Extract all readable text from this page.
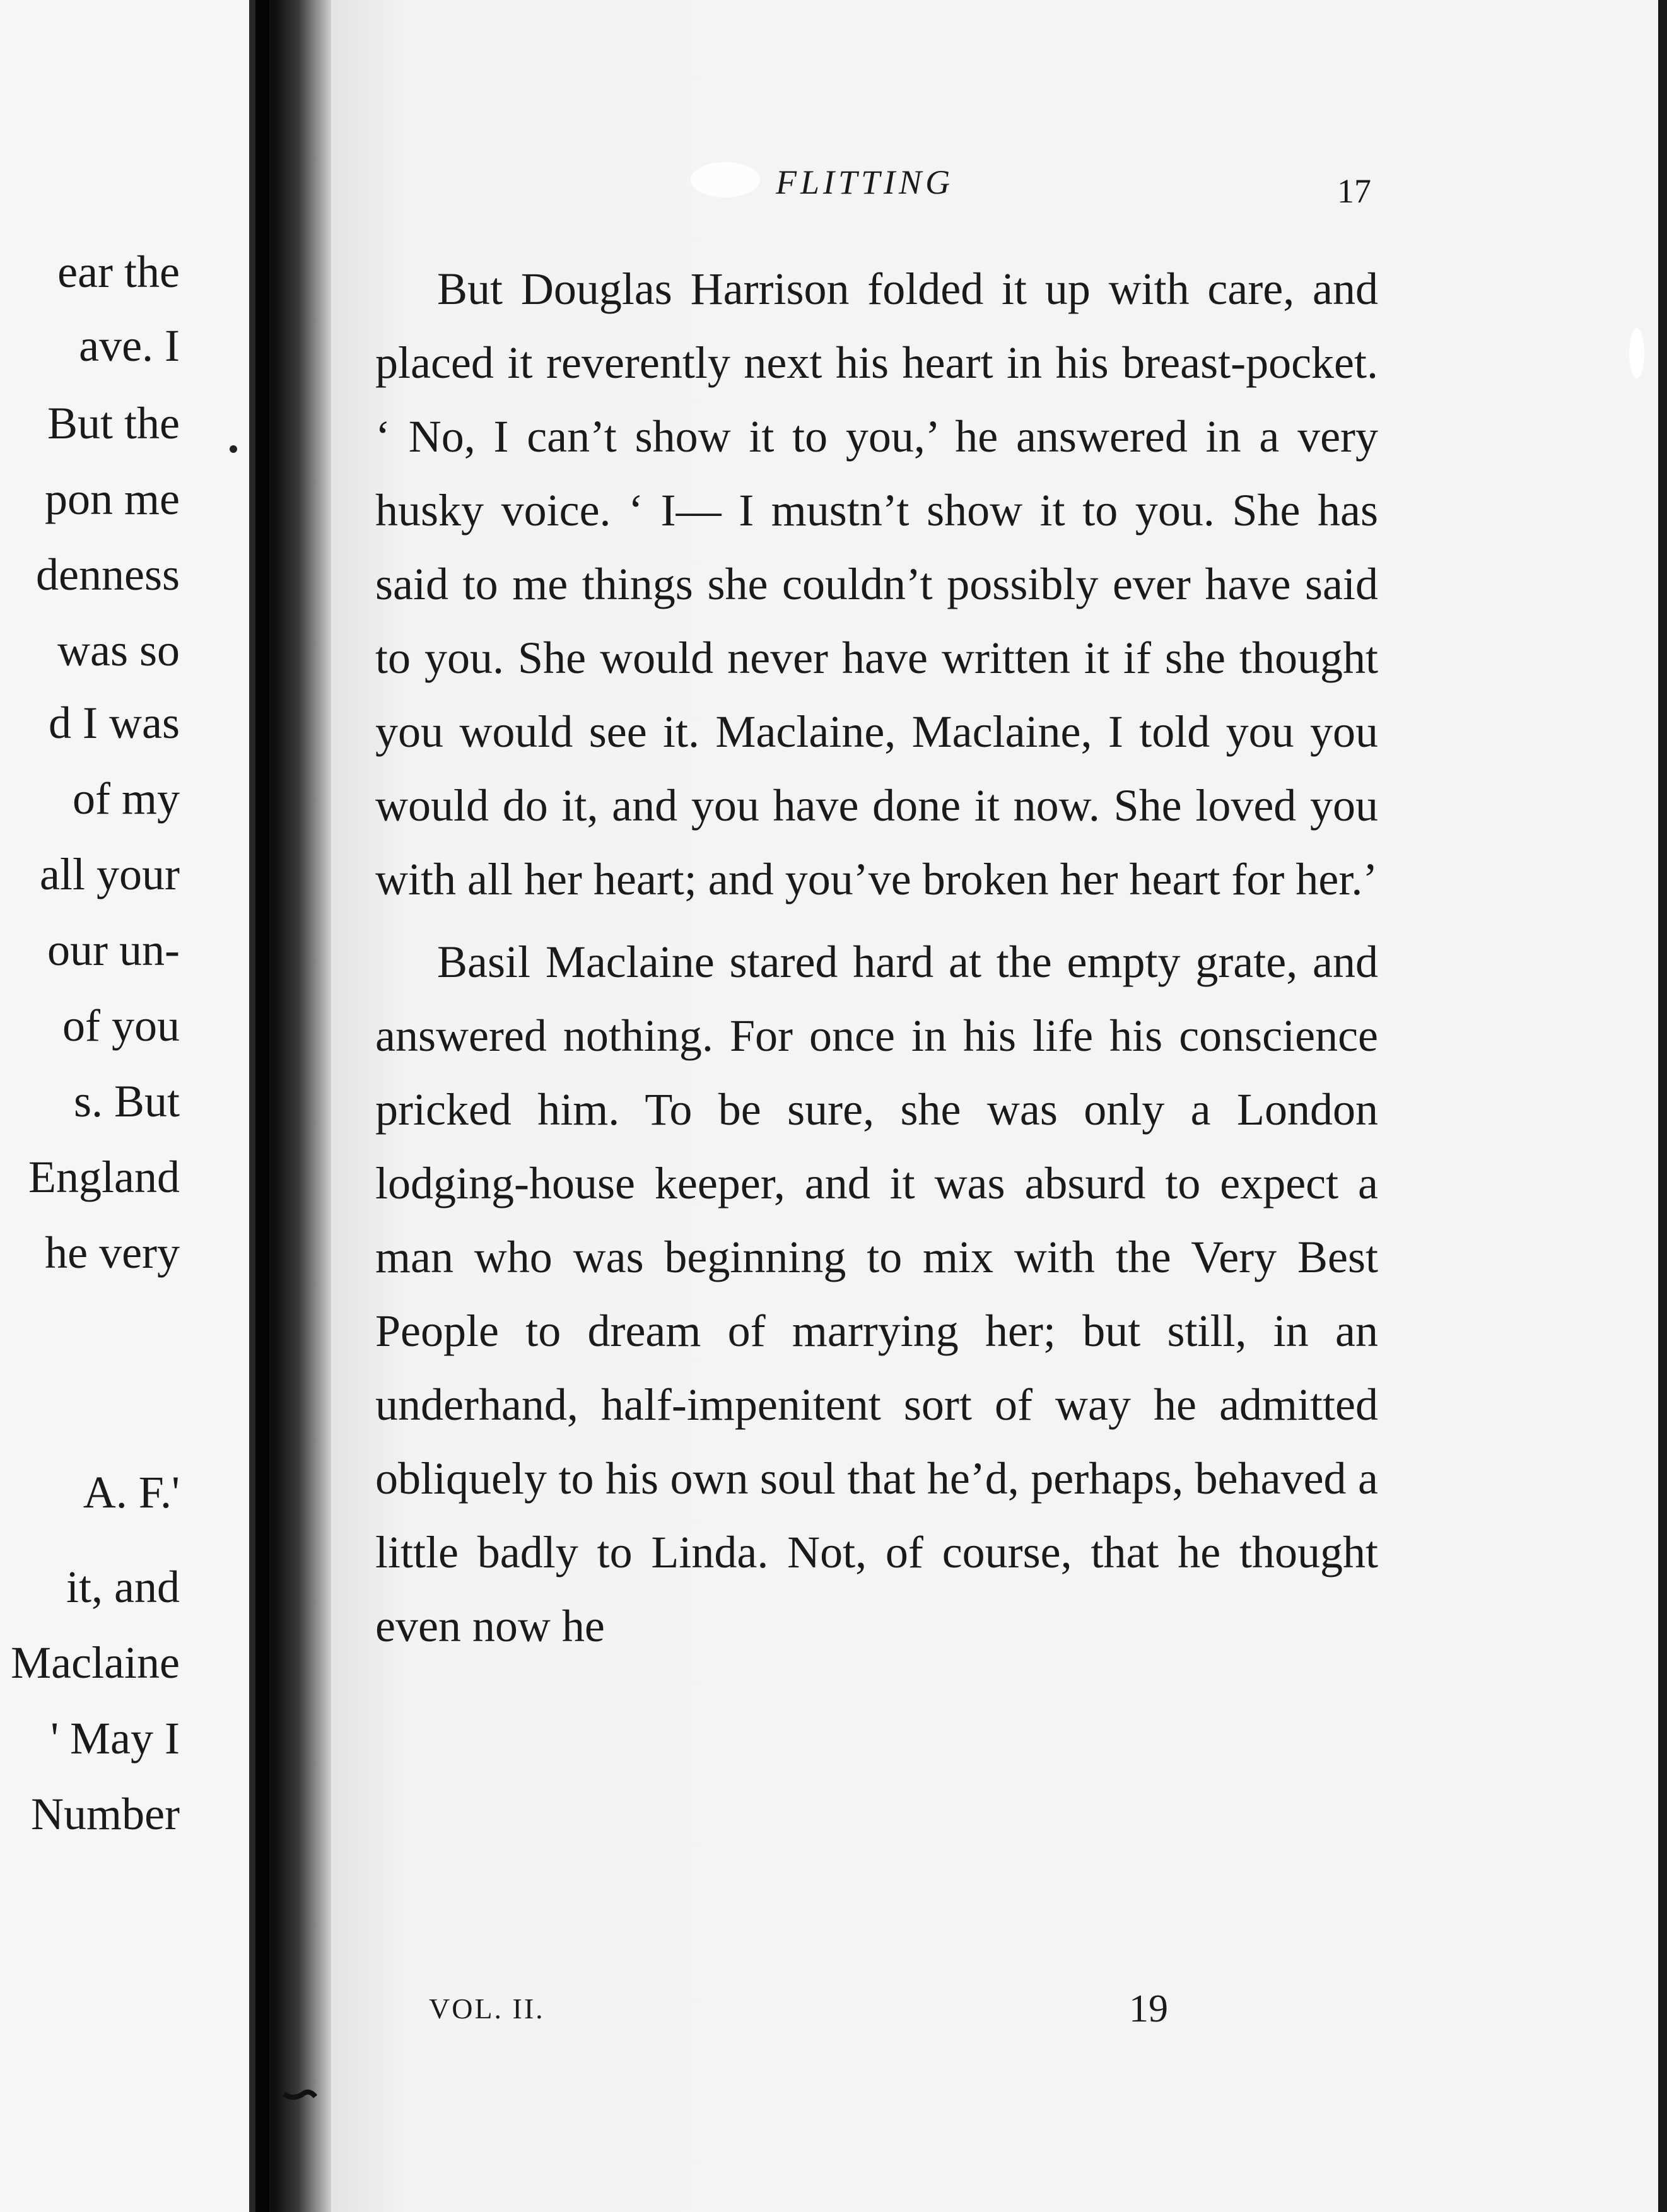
ear the
ave. I
But the
pon me
denness
was so
d I was
of my
all your
our un-
of you
s. But
England
he very
A. F.'
it, and
Maclaine
' May I
Number
FLITTING	17

But Douglas Harrison folded it up with care, and placed it reverently next his heart in his breast-pocket. ‘ No, I can’t show it to you,’ he answered in a very husky voice. ‘ I— I mustn’t show it to you. She has said to me things she couldn’t possibly ever have said to you. She would never have written it if she thought you would see it. Maclaine, Maclaine, I told you you would do it, and you have done it now. She loved you with all her heart; and you’ve broken her heart for her.’

Basil Maclaine stared hard at the empty grate, and answered nothing. For once in his life his conscience pricked him. To be sure, she was only a London lodging-house keeper, and it was absurd to expect a man who was beginning to mix with the Very Best People to dream of marrying her; but still, in an underhand, half-impenitent sort of way he admitted obliquely to his own soul that he’d, perhaps, behaved a little badly to Linda. Not, of course, that he thought even now he

VOL. II.	19
